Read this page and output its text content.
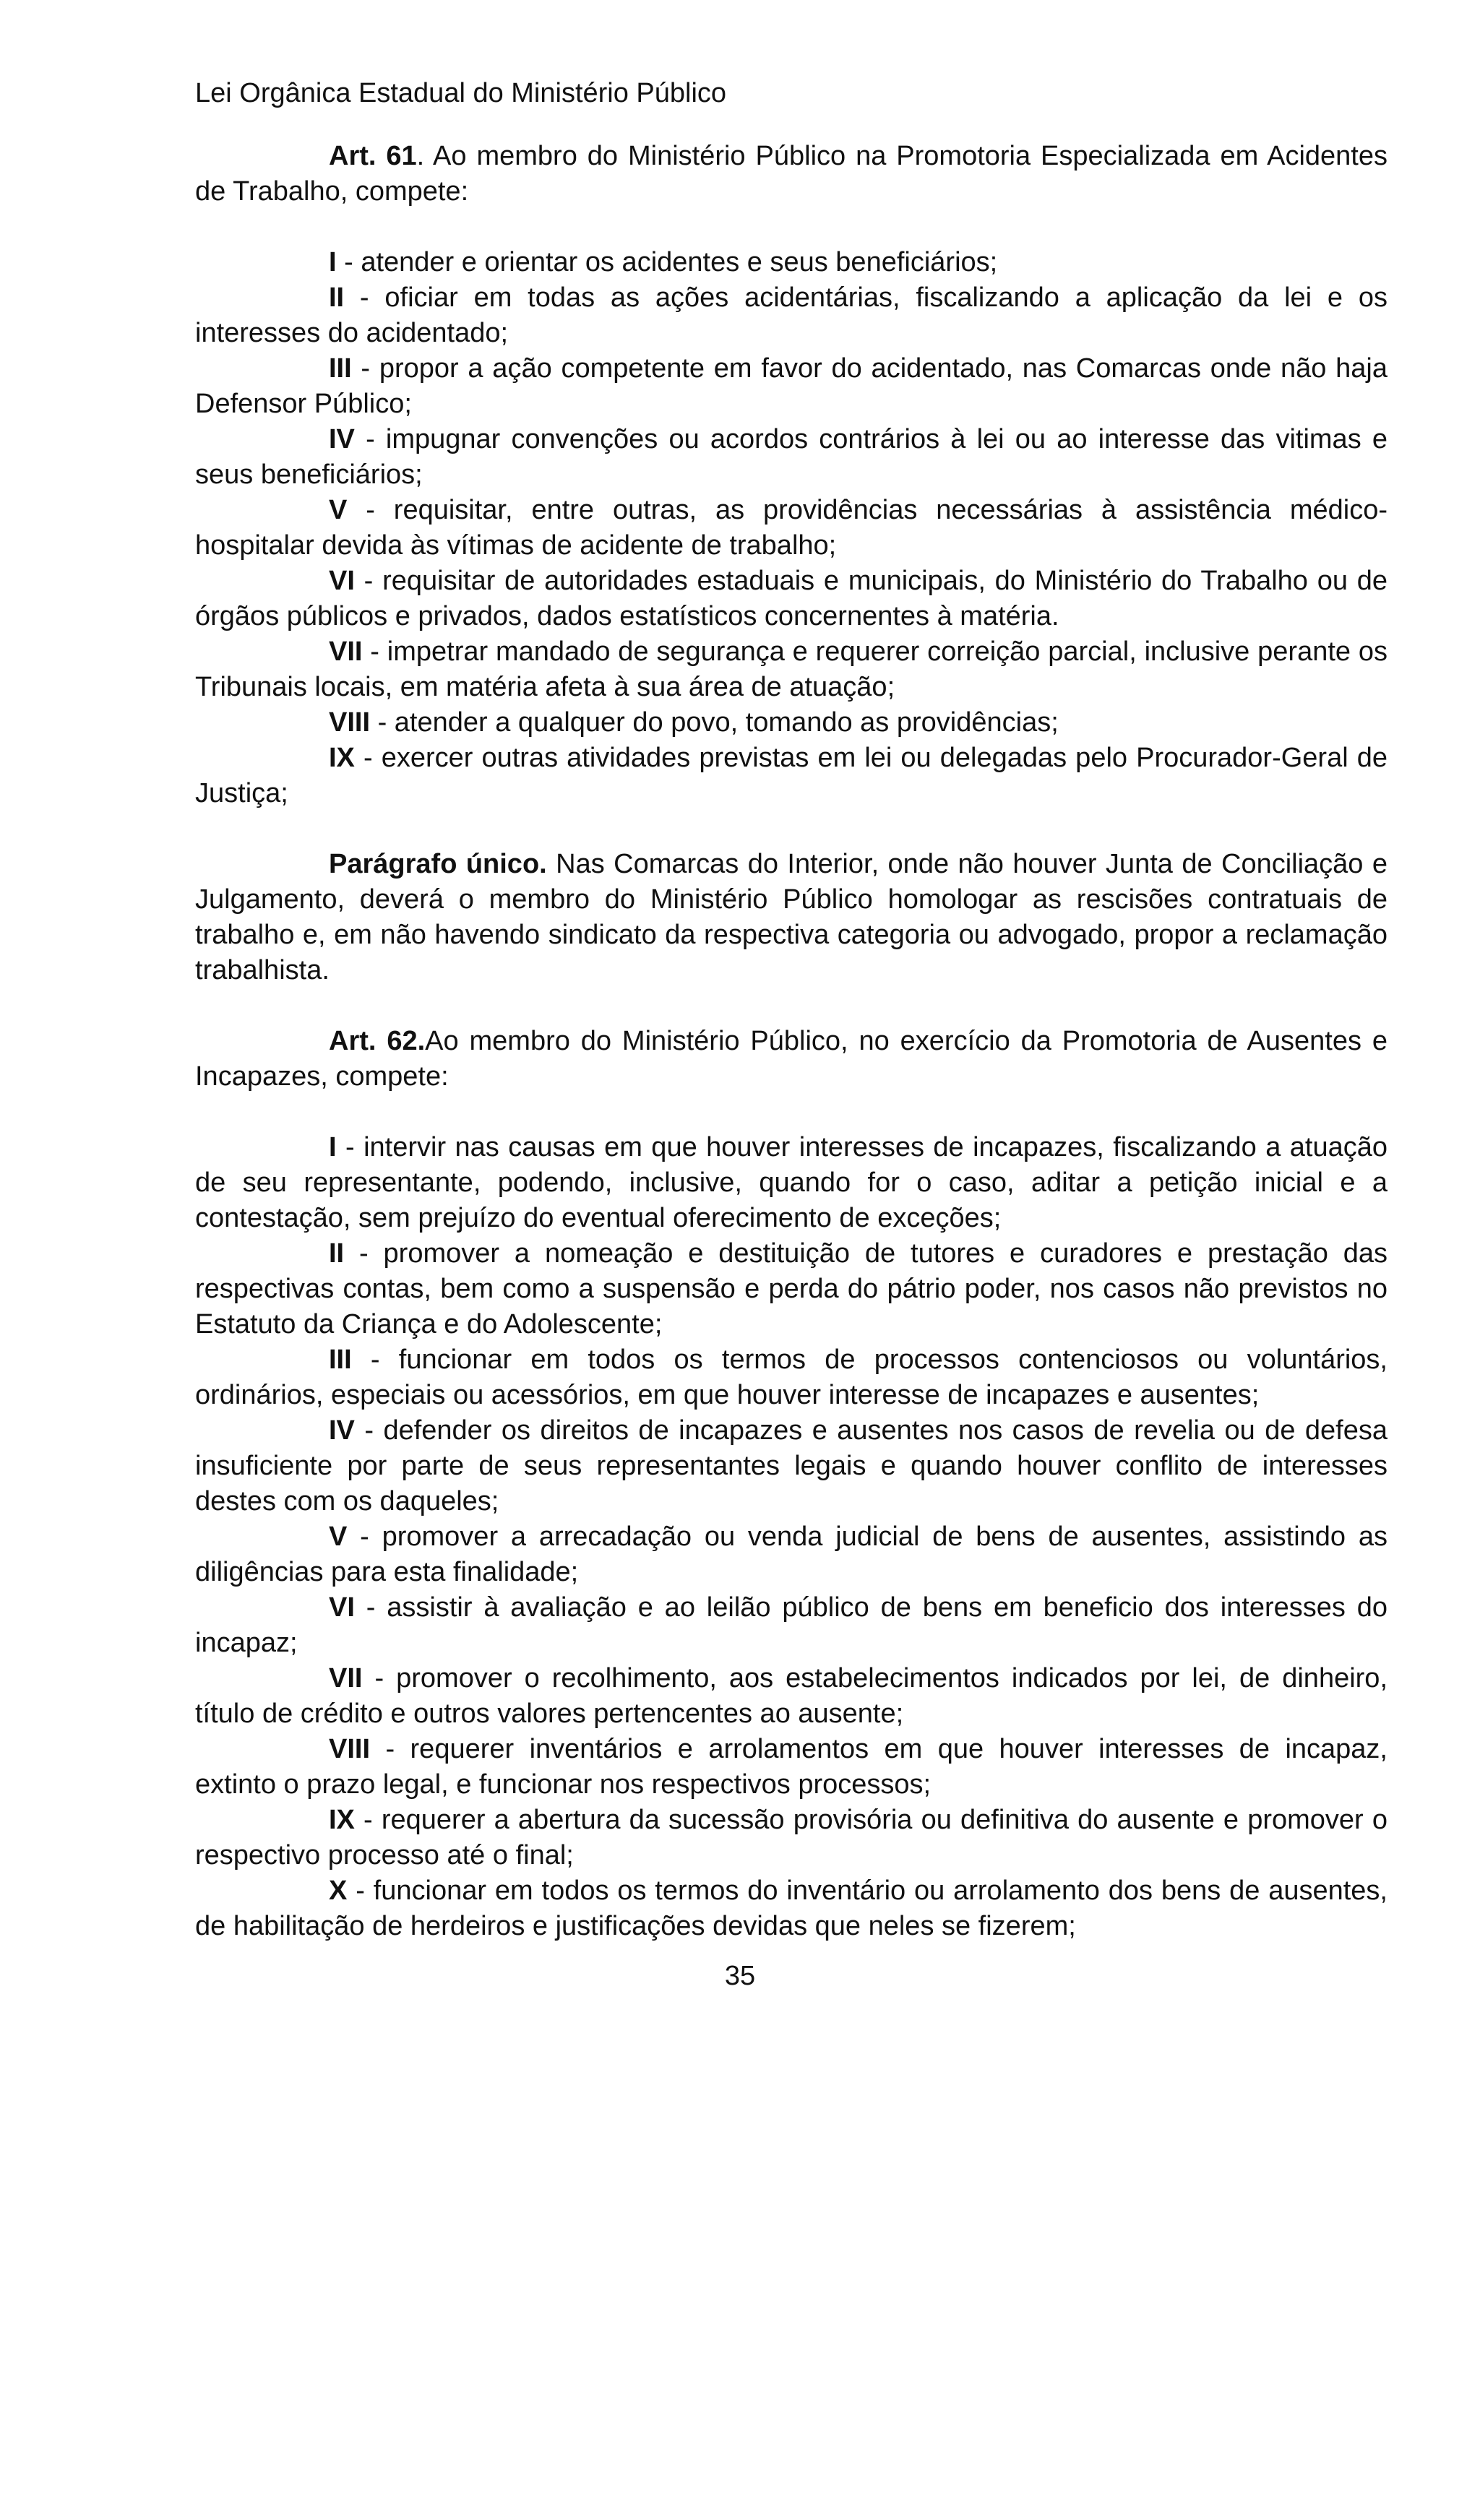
Lei Orgânica Estadual do Ministério Público

Art. 61. Ao membro do Ministério Público na Promotoria Especializada em Acidentes de Trabalho, compete:

I - atender e orientar os acidentes e seus beneficiários;

II - oficiar em todas as ações acidentárias, fiscalizando a aplicação da lei e os interesses do acidentado;

III - propor a ação competente em favor do acidentado, nas Comarcas onde não haja Defensor Público;

IV - impugnar convenções ou acordos contrários à lei ou ao interesse das vitimas e seus beneficiários;

V - requisitar, entre outras, as providências necessárias à assistência médico-hospitalar devida às vítimas de acidente de trabalho;

VI - requisitar de autoridades estaduais e municipais, do Ministério do Trabalho ou de órgãos públicos e privados, dados estatísticos concernentes à matéria.

VII - impetrar mandado de segurança e requerer correição parcial, inclusive perante os Tribunais locais, em matéria afeta à sua área de atuação;

VIII - atender a qualquer do povo, tomando as providências;

IX - exercer outras atividades previstas em lei ou delegadas pelo Procurador-Geral de Justiça;

Parágrafo único. Nas Comarcas do Interior, onde não houver Junta de Conciliação e Julgamento, deverá o membro do Ministério Público homologar as rescisões contratuais de trabalho e, em não havendo sindicato da respectiva categoria ou advogado, propor a reclamação trabalhista.

Art. 62.Ao membro do Ministério Público, no exercício da Promotoria de Ausentes e Incapazes, compete:

I - intervir nas causas em que houver interesses de incapazes, fiscalizando a atuação de seu representante, podendo, inclusive, quando for o caso, aditar a petição inicial e a contestação, sem prejuízo do eventual oferecimento de exceções;

II - promover a nomeação e destituição de tutores e curadores e prestação das respectivas contas, bem como a suspensão e perda do pátrio poder, nos casos não previstos no Estatuto da Criança e do Adolescente;

III - funcionar em todos os termos de processos contenciosos ou voluntários, ordinários, especiais ou acessórios, em que houver interesse de incapazes e ausentes;

IV - defender os direitos de incapazes e ausentes nos casos de revelia ou de defesa insuficiente por parte de seus representantes legais e quando houver conflito de interesses destes com os daqueles;

V - promover a arrecadação ou venda judicial de bens de ausentes, assistindo as diligências para esta finalidade;

VI - assistir à avaliação e ao leilão público de bens em beneficio dos interesses do incapaz;

VII - promover o recolhimento, aos estabelecimentos indicados por lei, de dinheiro, título de crédito e outros valores pertencentes ao ausente;

VIII - requerer inventários e arrolamentos em que houver interesses de incapaz, extinto o prazo legal, e funcionar nos respectivos processos;

IX - requerer a abertura da sucessão provisória ou definitiva do ausente e promover o respectivo processo até o final;

X - funcionar em todos os termos do inventário ou arrolamento dos bens de ausentes, de habilitação de herdeiros e justificações devidas que neles se fizerem;

35
